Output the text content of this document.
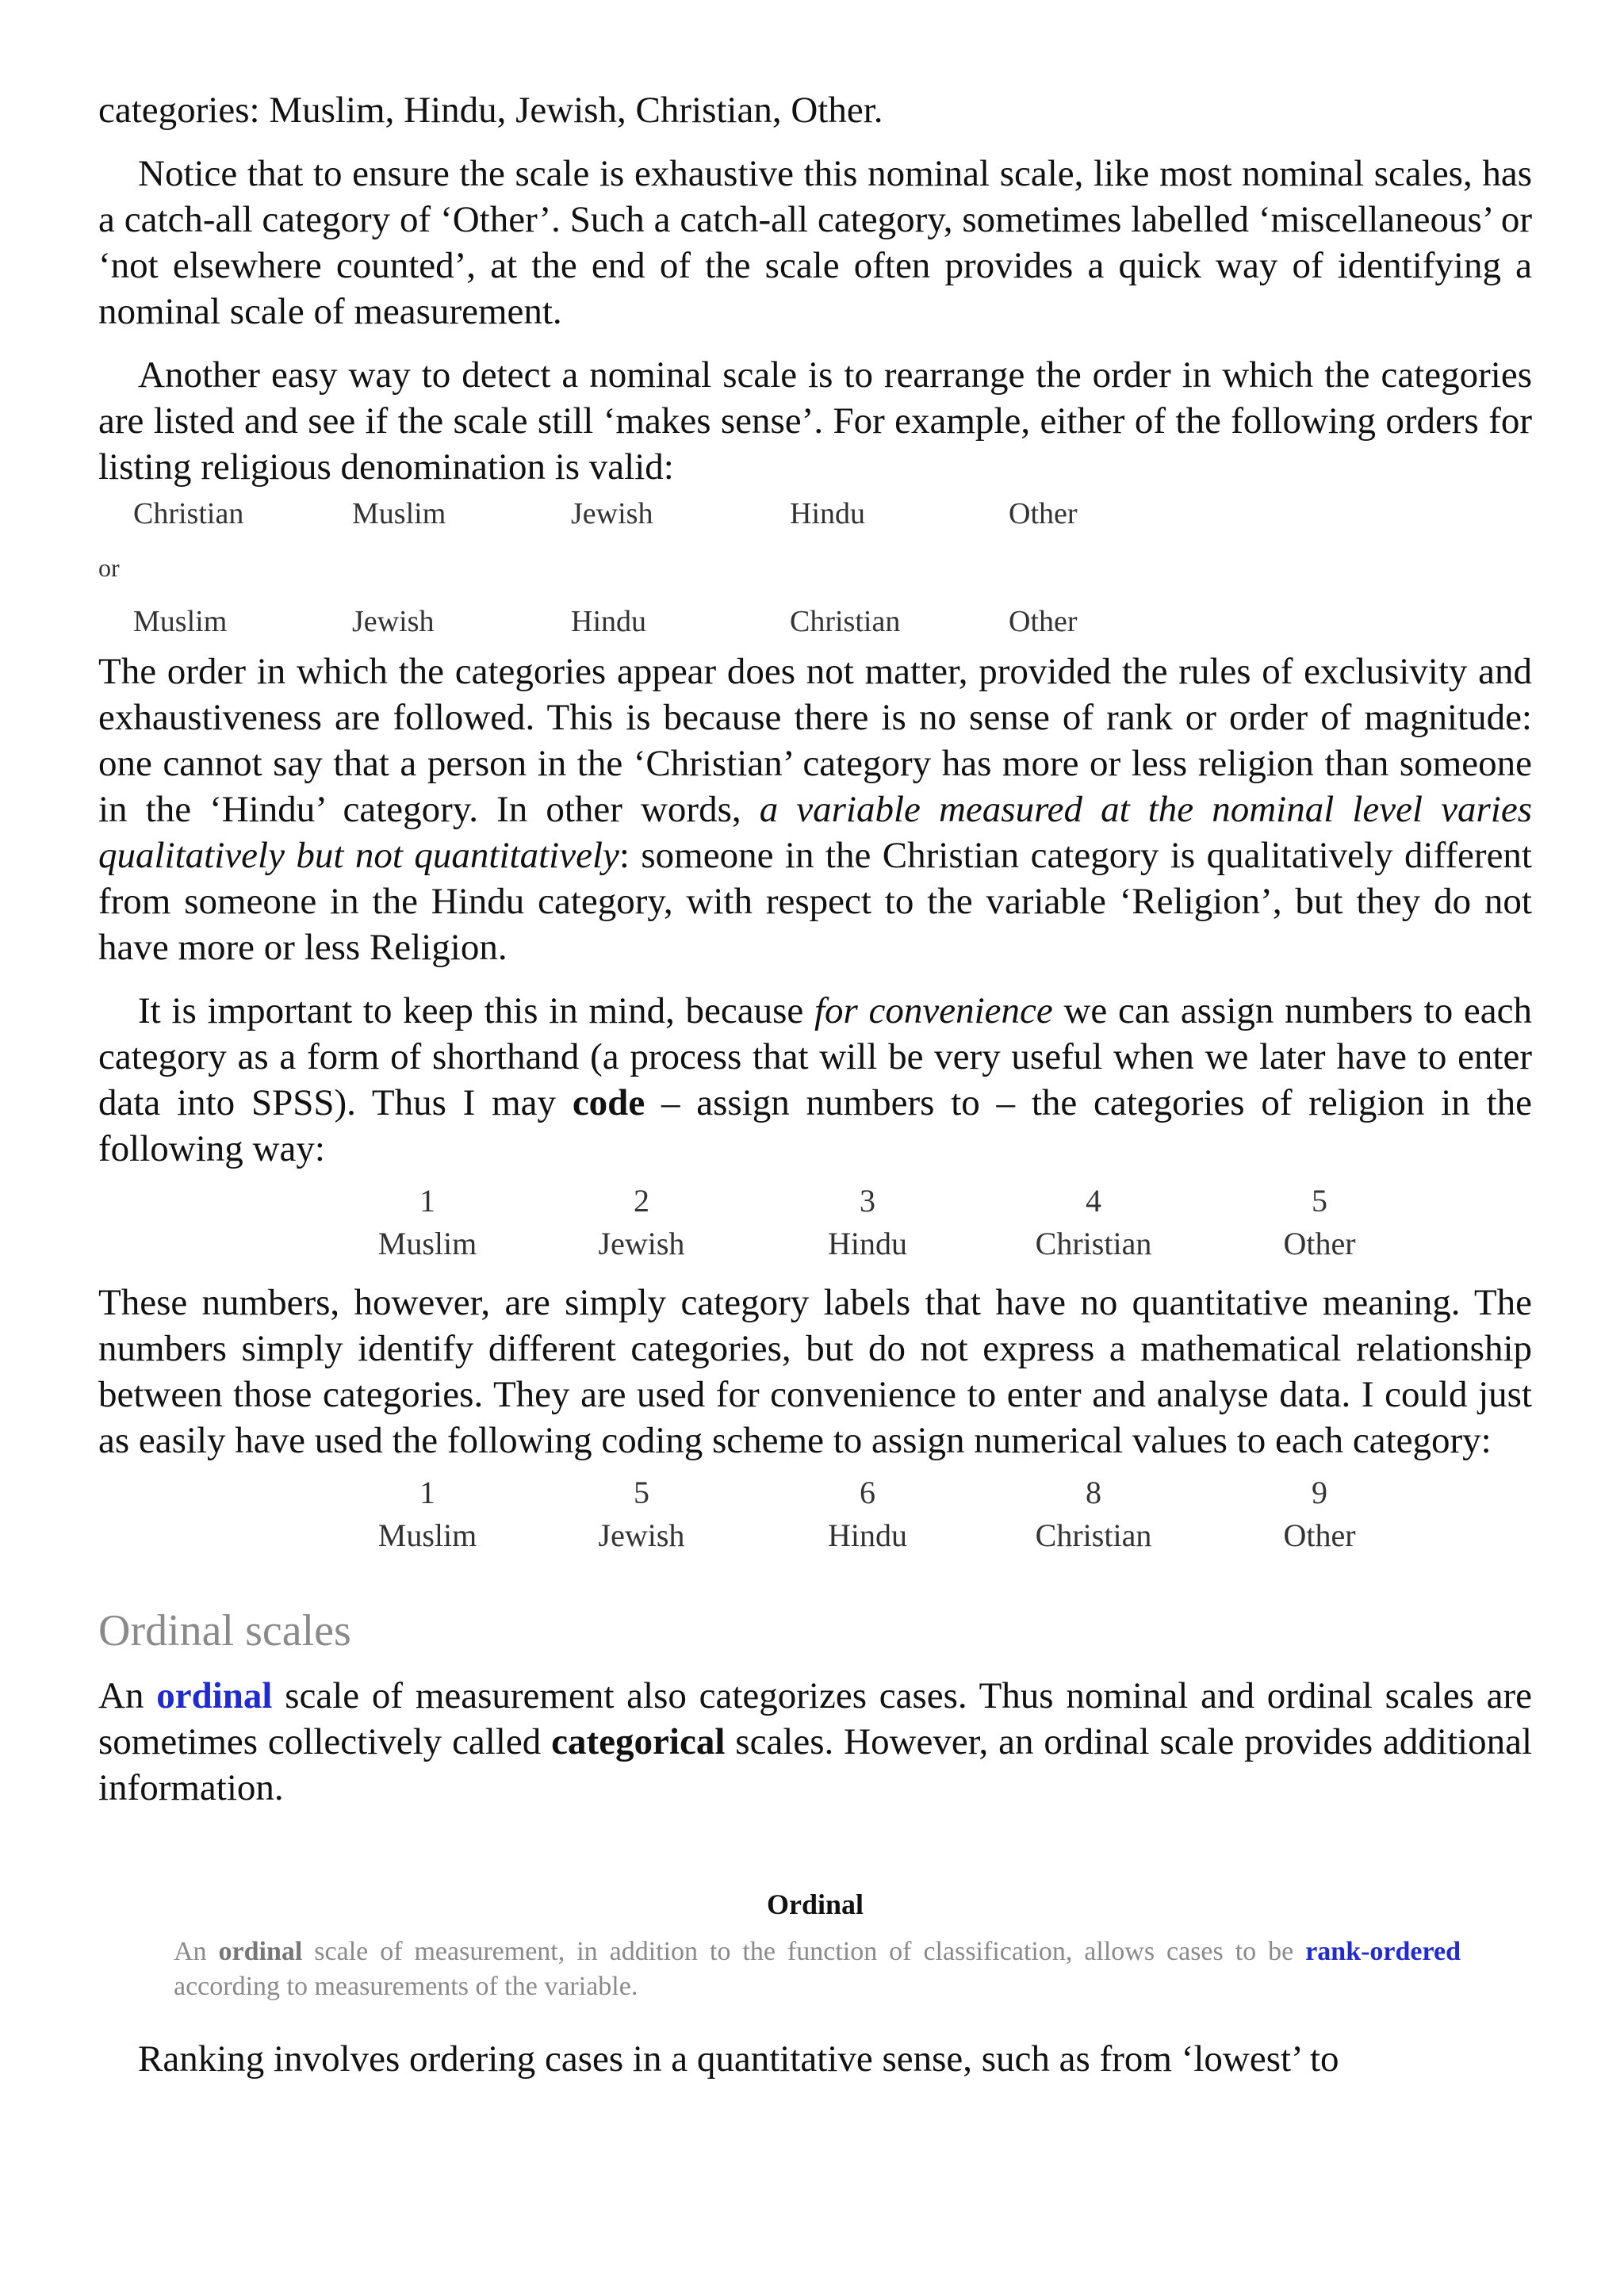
categories: Muslim, Hindu, Jewish, Christian, Other.

Notice that to ensure the scale is exhaustive this nominal scale, like most nominal scales, has a catch-all category of ‘Other’. Such a catch-all category, sometimes labelled ‘miscellaneous’ or ‘not elsewhere counted’, at the end of the scale often provides a quick way of identifying a nominal scale of measurement.

Another easy way to detect a nominal scale is to rearrange the order in which the categories are listed and see if the scale still ‘makes sense’. For example, either of the following orders for listing religious denomination is valid:

Christian	Muslim	Jewish	Hindu	Other
or
Muslim	Jewish	Hindu	Christian	Other

The order in which the categories appear does not matter, provided the rules of exclusivity and exhaustiveness are followed. This is because there is no sense of rank or order of magnitude: one cannot say that a person in the ‘Christian’ category has more or less religion than someone in the ‘Hindu’ category. In other words, a variable measured at the nominal level varies qualitatively but not quantitatively: someone in the Christian category is qualitatively different from someone in the Hindu category, with respect to the variable ‘Religion’, but they do not have more or less Religion.

It is important to keep this in mind, because for convenience we can assign numbers to each category as a form of shorthand (a process that will be very useful when we later have to enter data into SPSS). Thus I may code – assign numbers to – the categories of religion in the following way:

1	2	3	4	5
Muslim	Jewish	Hindu	Christian	Other

These numbers, however, are simply category labels that have no quantitative meaning. The numbers simply identify different categories, but do not express a mathematical relationship between those categories. They are used for convenience to enter and analyse data. I could just as easily have used the following coding scheme to assign numerical values to each category:

1	5	6	8	9
Muslim	Jewish	Hindu	Christian	Other
Ordinal scales

An ordinal scale of measurement also categorizes cases. Thus nominal and ordinal scales are sometimes collectively called categorical scales. However, an ordinal scale provides additional information.

Ordinal
An ordinal scale of measurement, in addition to the function of classification, allows cases to be rank-ordered according to measurements of the variable.

Ranking involves ordering cases in a quantitative sense, such as from ‘lowest’ to
